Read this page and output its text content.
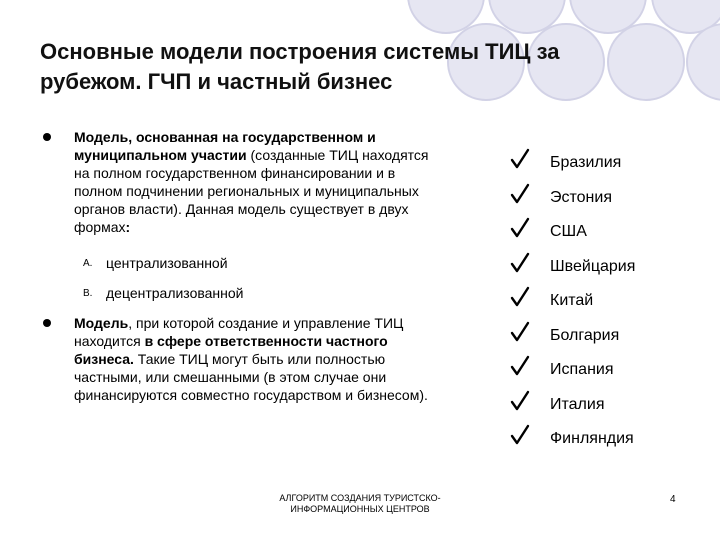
Основные модели построения системы ТИЦ за
рубежом. ГЧП и частный бизнес
Модель, основанная на государственном и муниципальном участии (созданные ТИЦ находятся на полном государственном финансировании и в полном подчинении региональных и муниципальных органов власти). Данная модель существует в двух формах:
A. централизованной
B. децентрализованной
Модель, при которой создание и управление ТИЦ находится в сфере ответственности частного бизнеса. Такие ТИЦ могут быть или полностью частными, или смешанными (в этом случае они финансируются совместно государством и бизнесом).
Бразилия
Эстония
США
Швейцария
Китай
Болгария
Испания
Италия
Финляндия
АЛГОРИТМ СОЗДАНИЯ ТУРИСТСКО-
ИНФОРМАЦИОННЫХ ЦЕНТРОВ
4
